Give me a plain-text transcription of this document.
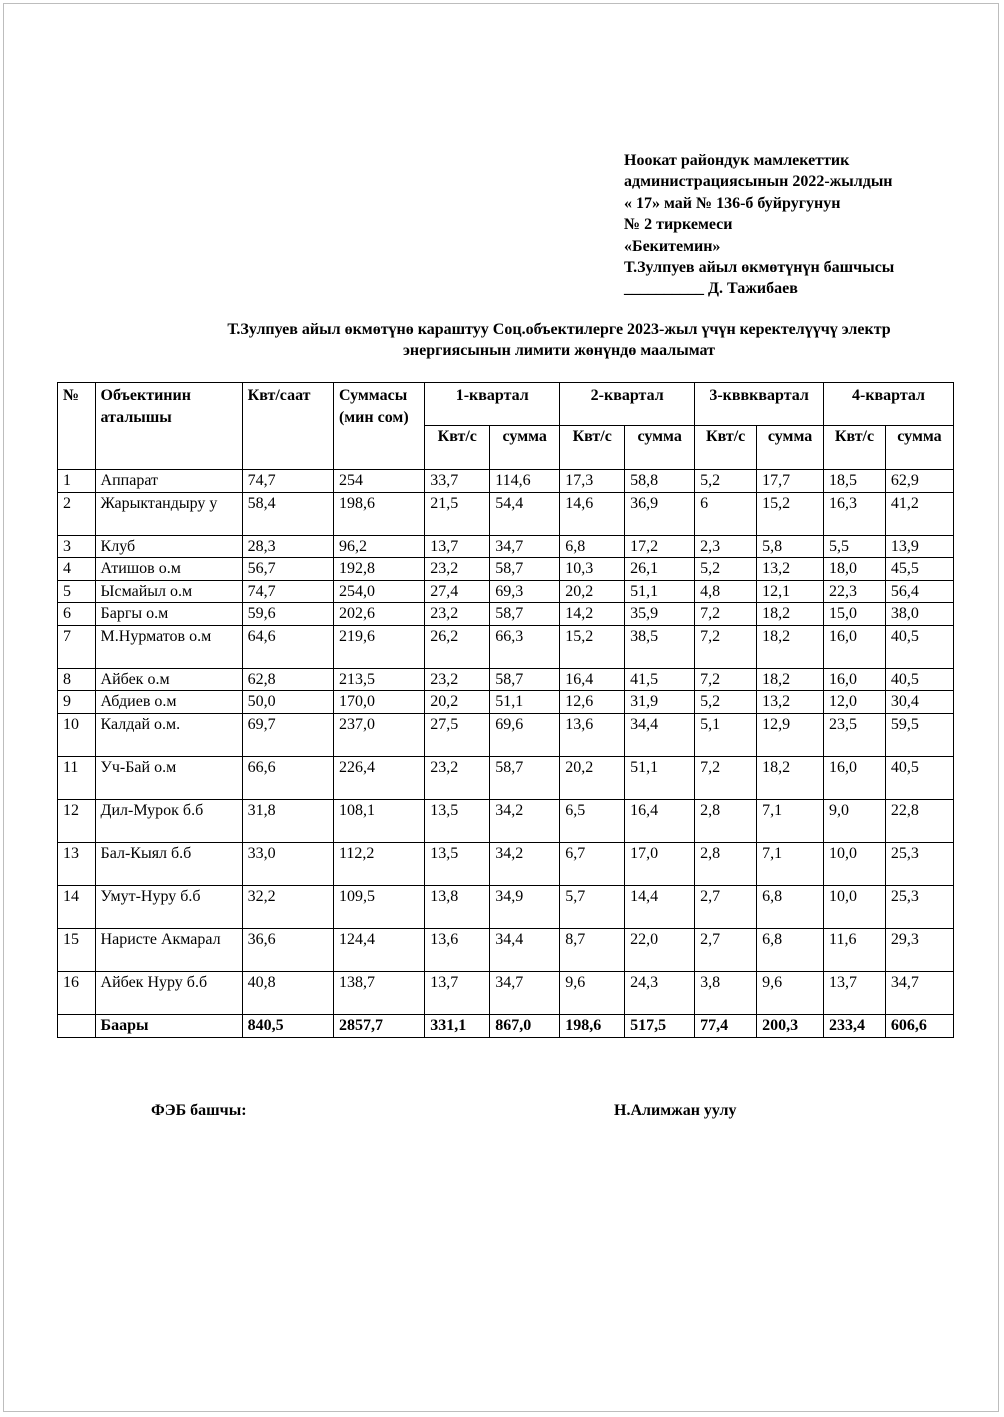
Ноокат райондук мамлекеттик
администрациясынын 2022-жылдын
« 17» май № 136-б буйругунун
№ 2 тиркемеси
«Бекитемин»
Т.Зулпуев айыл өкмөтүнүн башчысы
__________ Д. Тажибаев
Т.Зулпуев айыл өкмөтүнө караштуу Соц.объектилерге 2023-жыл үчүн керектелүүчү электр
энергиясынын лимити жөнүндө маалымат
№	Объектинин аталышы	Квт/саат	Суммасы (мин сом)	1-квартал		2-квартал		3-кввквартал		4-квартал	
				Квт/с	сумма	Квт/с	сумма	Квт/с	сумма	Квт/с	сумма
1	Аппарат	74,7	254	33,7	114,6	17,3	58,8	5,2	17,7	18,5	62,9
2	Жарыктандыру у	58,4	198,6	21,5	54,4	14,6	36,9	6	15,2	16,3	41,2
3	Клуб	28,3	96,2	13,7	34,7	6,8	17,2	2,3	5,8	5,5	13,9
4	Атишов о.м	56,7	192,8	23,2	58,7	10,3	26,1	5,2	13,2	18,0	45,5
5	Ысмайыл о.м	74,7	254,0	27,4	69,3	20,2	51,1	4,8	12,1	22,3	56,4
6	Баргы о.м	59,6	202,6	23,2	58,7	14,2	35,9	7,2	18,2	15,0	38,0
7	М.Нурматов о.м	64,6	219,6	26,2	66,3	15,2	38,5	7,2	18,2	16,0	40,5
8	Айбек о.м	62,8	213,5	23,2	58,7	16,4	41,5	7,2	18,2	16,0	40,5
9	Абдиев о.м	50,0	170,0	20,2	51,1	12,6	31,9	5,2	13,2	12,0	30,4
10	Калдай о.м.	69,7	237,0	27,5	69,6	13,6	34,4	5,1	12,9	23,5	59,5
11	Уч-Бай о.м	66,6	226,4	23,2	58,7	20,2	51,1	7,2	18,2	16,0	40,5
12	Дил-Мурок б.б	31,8	108,1	13,5	34,2	6,5	16,4	2,8	7,1	9,0	22,8
13	Бал-Кыял б.б	33,0	112,2	13,5	34,2	6,7	17,0	2,8	7,1	10,0	25,3
14	Умут-Нуру б.б	32,2	109,5	13,8	34,9	5,7	14,4	2,7	6,8	10,0	25,3
15	Наристе Акмарал	36,6	124,4	13,6	34,4	8,7	22,0	2,7	6,8	11,6	29,3
16	Айбек Нуру б.б	40,8	138,7	13,7	34,7	9,6	24,3	3,8	9,6	13,7	34,7
	Баары	840,5	2857,7	331,1	867,0	198,6	517,5	77,4	200,3	233,4	606,6
ФЭБ башчы:	Н.Алимжан уулу
